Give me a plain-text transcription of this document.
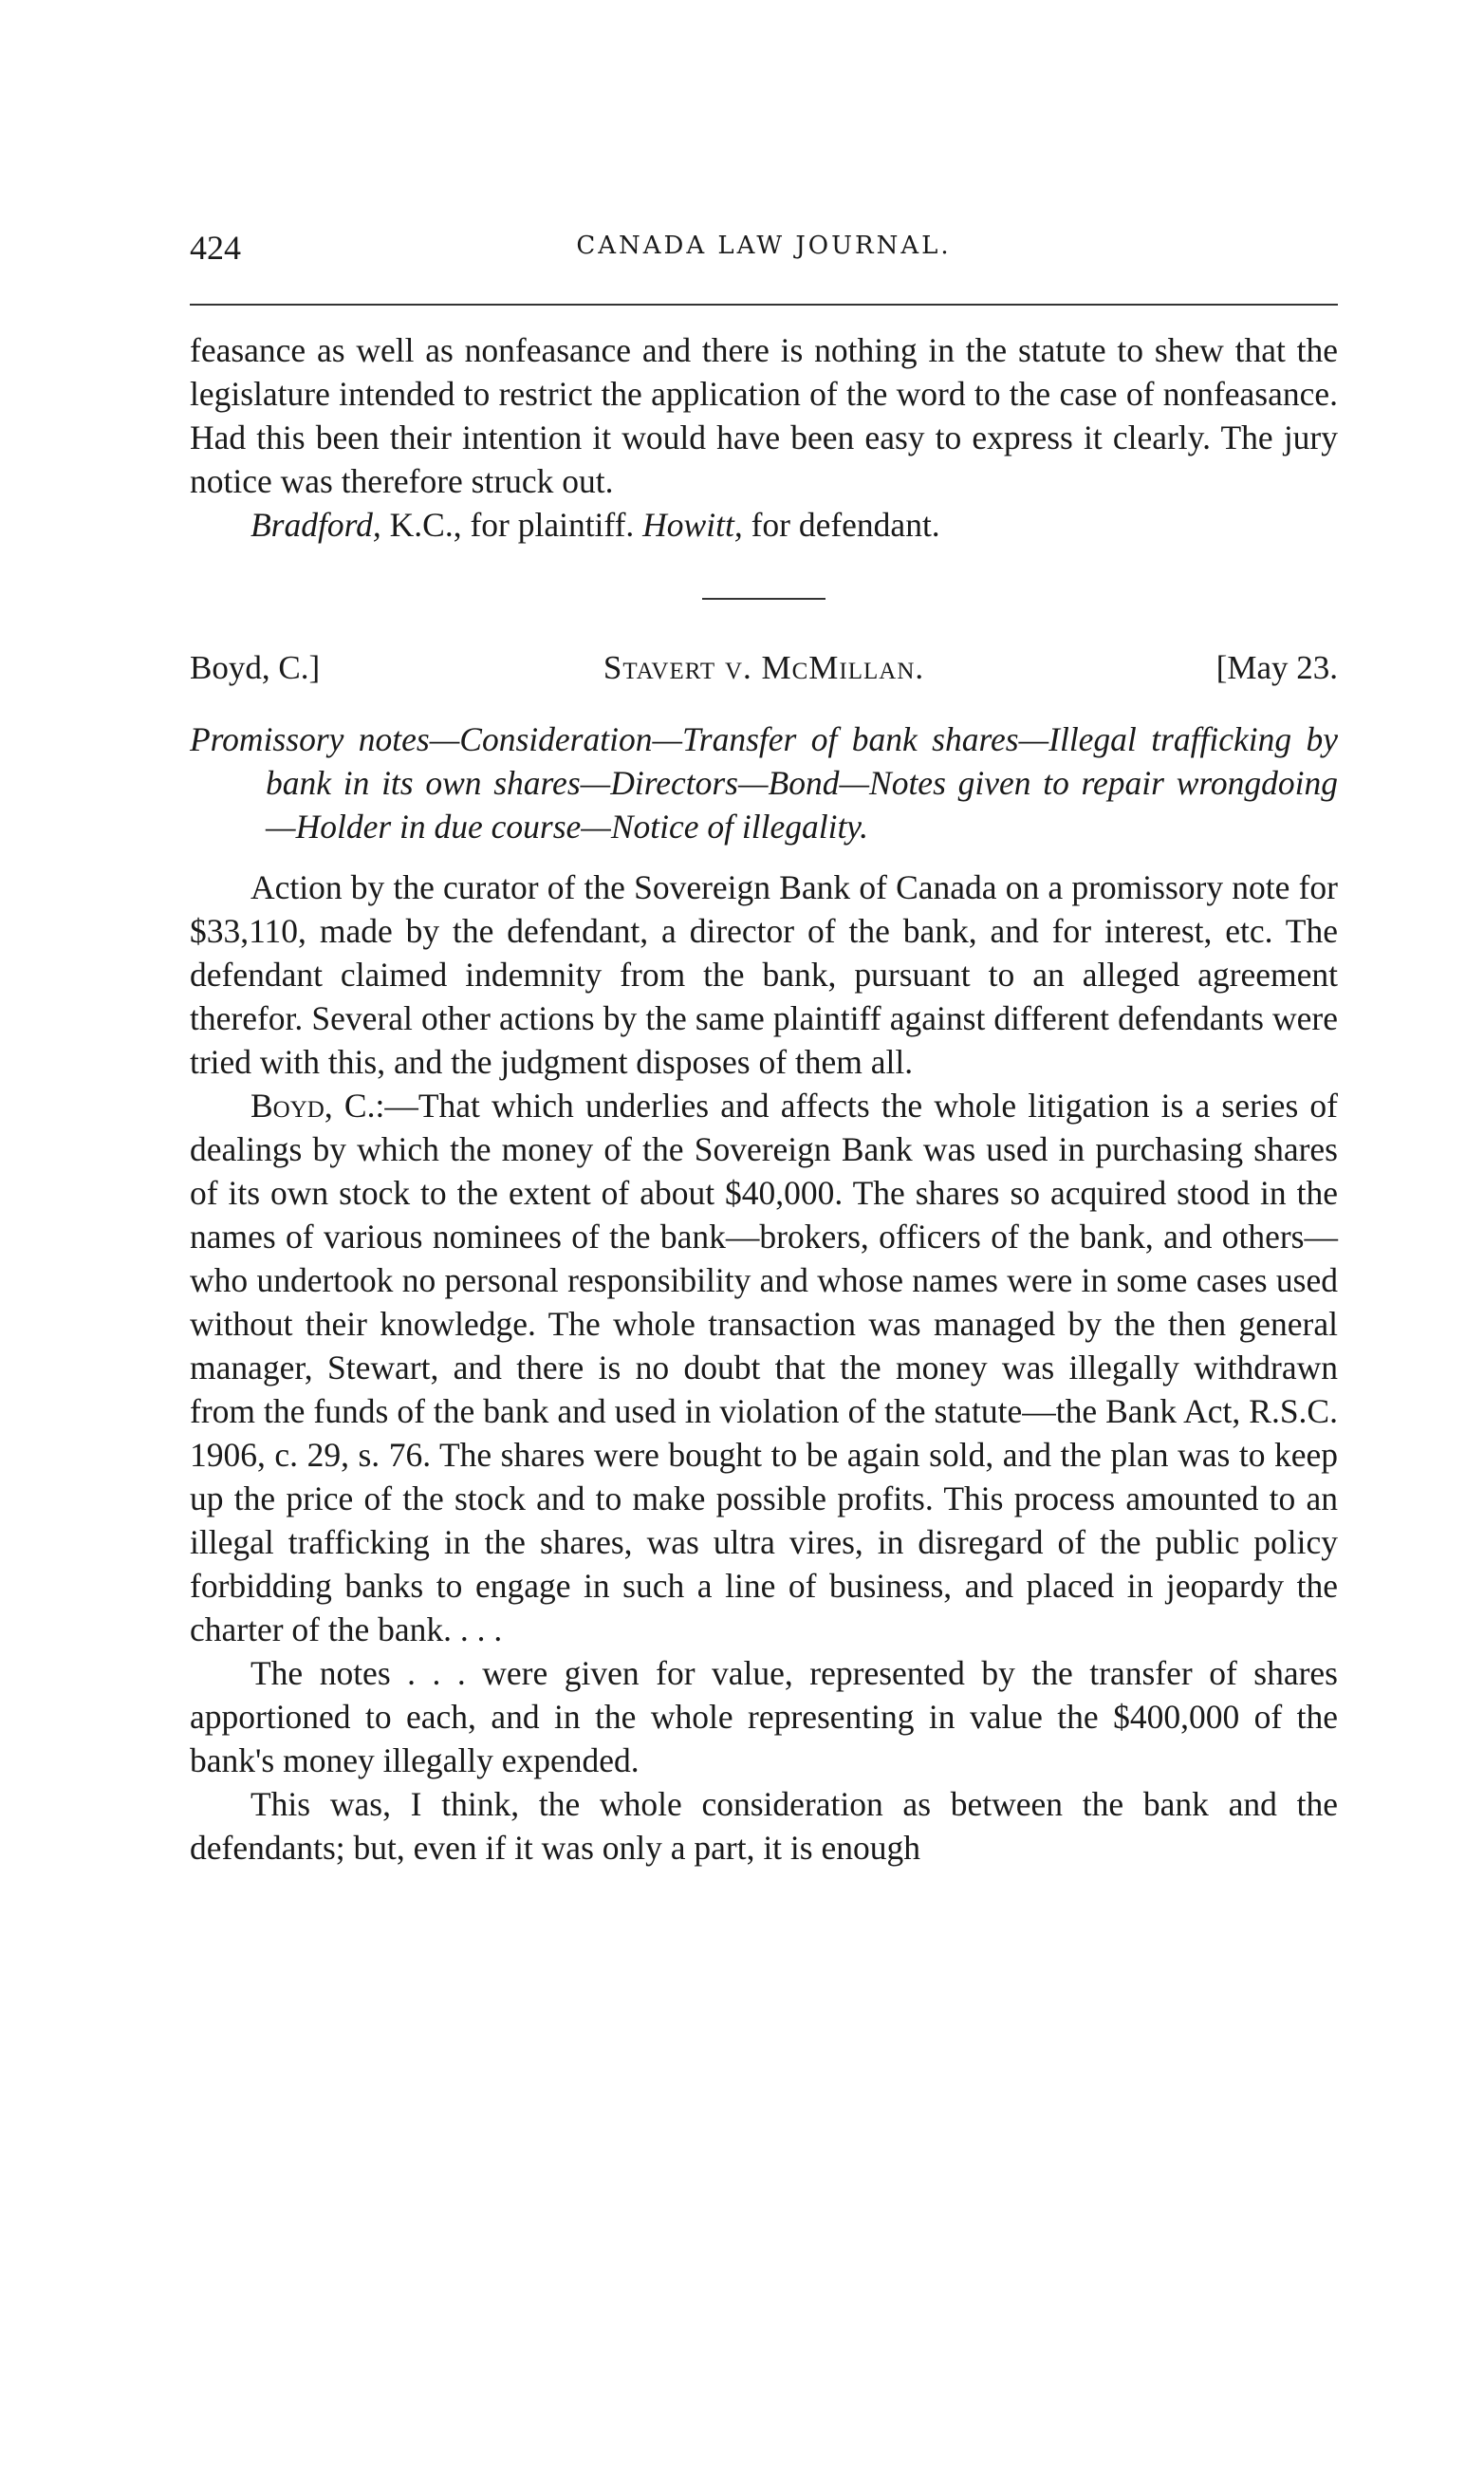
424	CANADA LAW JOURNAL.

feasance as well as nonfeasance and there is nothing in the statute to shew that the legislature intended to restrict the application of the word to the case of nonfeasance. Had this been their intention it would have been easy to express it clearly. The jury notice was therefore struck out.

Bradford, K.C., for plaintiff. Howitt, for defendant.

Boyd, C.]	Stavert v. McMillan.	[May 23.
Promissory notes—Consideration—Transfer of bank shares—Illegal trafficking by bank in its own shares—Directors—Bond—Notes given to repair wrongdoing—Holder in due course—Notice of illegality.

Action by the curator of the Sovereign Bank of Canada on a promissory note for $33,110, made by the defendant, a director of the bank, and for interest, etc. The defendant claimed indemnity from the bank, pursuant to an alleged agreement therefor. Several other actions by the same plaintiff against different defendants were tried with this, and the judgment disposes of them all.

Boyd, C.:—That which underlies and affects the whole litigation is a series of dealings by which the money of the Sovereign Bank was used in purchasing shares of its own stock to the extent of about $40,000. The shares so acquired stood in the names of various nominees of the bank—brokers, officers of the bank, and others—who undertook no personal responsibility and whose names were in some cases used without their knowledge. The whole transaction was managed by the then general manager, Stewart, and there is no doubt that the money was illegally withdrawn from the funds of the bank and used in violation of the statute—the Bank Act, R.S.C. 1906, c. 29, s. 76. The shares were bought to be again sold, and the plan was to keep up the price of the stock and to make possible profits. This process amounted to an illegal trafficking in the shares, was ultra vires, in disregard of the public policy forbidding banks to engage in such a line of business, and placed in jeopardy the charter of the bank. . . .

The notes . . . were given for value, represented by the transfer of shares apportioned to each, and in the whole representing in value the $400,000 of the bank's money illegally expended.

This was, I think, the whole consideration as between the bank and the defendants; but, even if it was only a part, it is enough
